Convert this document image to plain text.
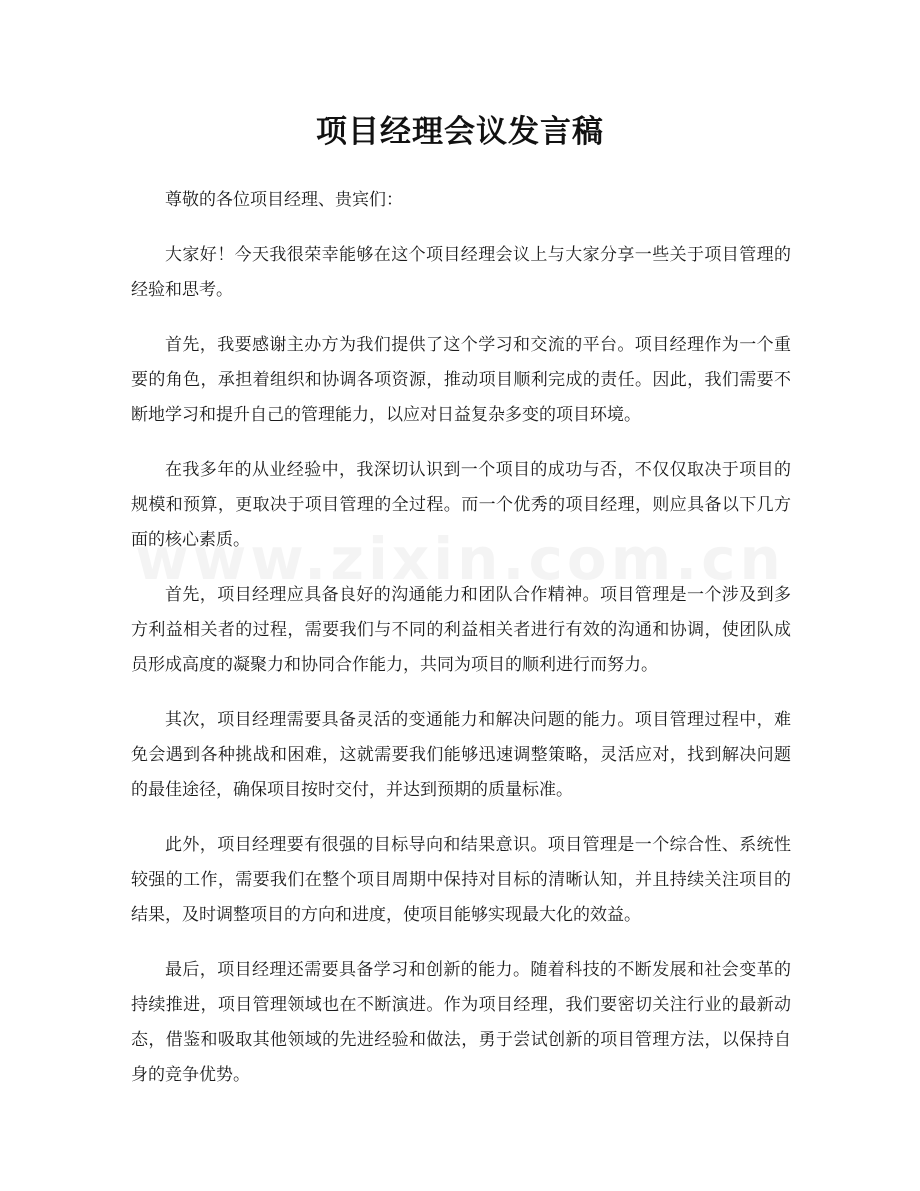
项目经理会议发言稿

尊敬的各位项目经理、贵宾们：

大家好！今天我很荣幸能够在这个项目经理会议上与大家分享一些关于项目管理的经验和思考。

首先，我要感谢主办方为我们提供了这个学习和交流的平台。项目经理作为一个重要的角色，承担着组织和协调各项资源，推动项目顺利完成的责任。因此，我们需要不断地学习和提升自己的管理能力，以应对日益复杂多变的项目环境。

在我多年的从业经验中，我深切认识到一个项目的成功与否，不仅仅取决于项目的规模和预算，更取决于项目管理的全过程。而一个优秀的项目经理，则应具备以下几方面的核心素质。

首先，项目经理应具备良好的沟通能力和团队合作精神。项目管理是一个涉及到多方利益相关者的过程，需要我们与不同的利益相关者进行有效的沟通和协调，使团队成员形成高度的凝聚力和协同合作能力，共同为项目的顺利进行而努力。

其次，项目经理需要具备灵活的变通能力和解决问题的能力。项目管理过程中，难免会遇到各种挑战和困难，这就需要我们能够迅速调整策略，灵活应对，找到解决问题的最佳途径，确保项目按时交付，并达到预期的质量标准。

此外，项目经理要有很强的目标导向和结果意识。项目管理是一个综合性、系统性较强的工作，需要我们在整个项目周期中保持对目标的清晰认知，并且持续关注项目的结果，及时调整项目的方向和进度，使项目能够实现最大化的效益。

最后，项目经理还需要具备学习和创新的能力。随着科技的不断发展和社会变革的持续推进，项目管理领域也在不断演进。作为项目经理，我们要密切关注行业的最新动态，借鉴和吸取其他领域的先进经验和做法，勇于尝试创新的项目管理方法，以保持自身的竞争优势。
